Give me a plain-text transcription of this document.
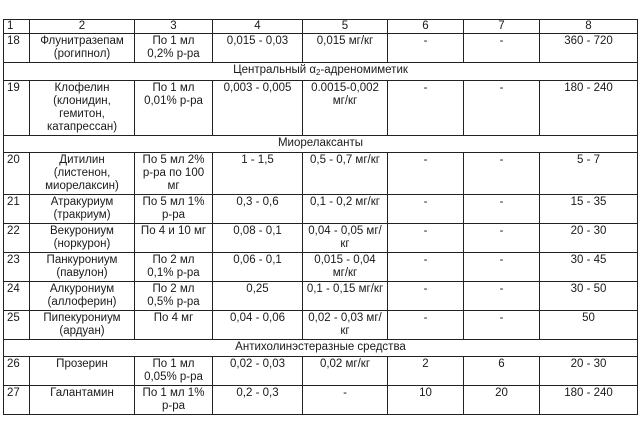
1	2	3	4	5	6	7	8
18	Флунитразепам (рогипнол)	По 1 мл 0,2% р-ра	0,015 - 0,03	0,015 мг/кг	-	-	360 - 720
Центральный $\alpha_2$-адреномиметик							
19	Клофелин (клонидин, гемитон, катапрессан)	По 1 мл 0,01% р-ра	0,003 - 0,005	0.0015-0,002 мг/кг	-	-	180 - 240
Миорелаксанты							
20	Дитилин (листенон, миорелаксин)	По 5 мл 2% р-ра по 100 мг	1 - 1,5	0,5 - 0,7 мг/кг	-	-	5 - 7
21	Атракуриум (тракриум)	По 5 мл 1% р-ра	0,3 - 0,6	0,1 - 0,2 мг/кг	-	-	15 - 35
22	Векурониум (норкурон)	По 4 и 10 мг	0,08 - 0,1	0,04 - 0,05 мг/кг	-	-	20 - 30
23	Панкурониум (павулон)	По 2 мл 0,1% р-ра	0,06 - 0,1	0,015 - 0,04 мг/кг	-	-	30 - 45
24	Алкурониум (аллоферин)	По 2 мл 0,5% р-ра	0,25	0,1 - 0,15 мг/кг	-	-	30 - 50
25	Пипекурониум (ардуан)	По 4 мг	0,04 - 0,06	0,02 - 0,03 мг/кг	-	-	50
Антихолинэстеразные средства							
26	Прозерин	По 1 мл 0,05% р-ра	0,02 - 0,03	0,02 мг/кг	2	6	20 - 30
27	Галантамин	По 1 мл 1% р-ра	0,2 - 0,3	-	10	20	180 - 240
